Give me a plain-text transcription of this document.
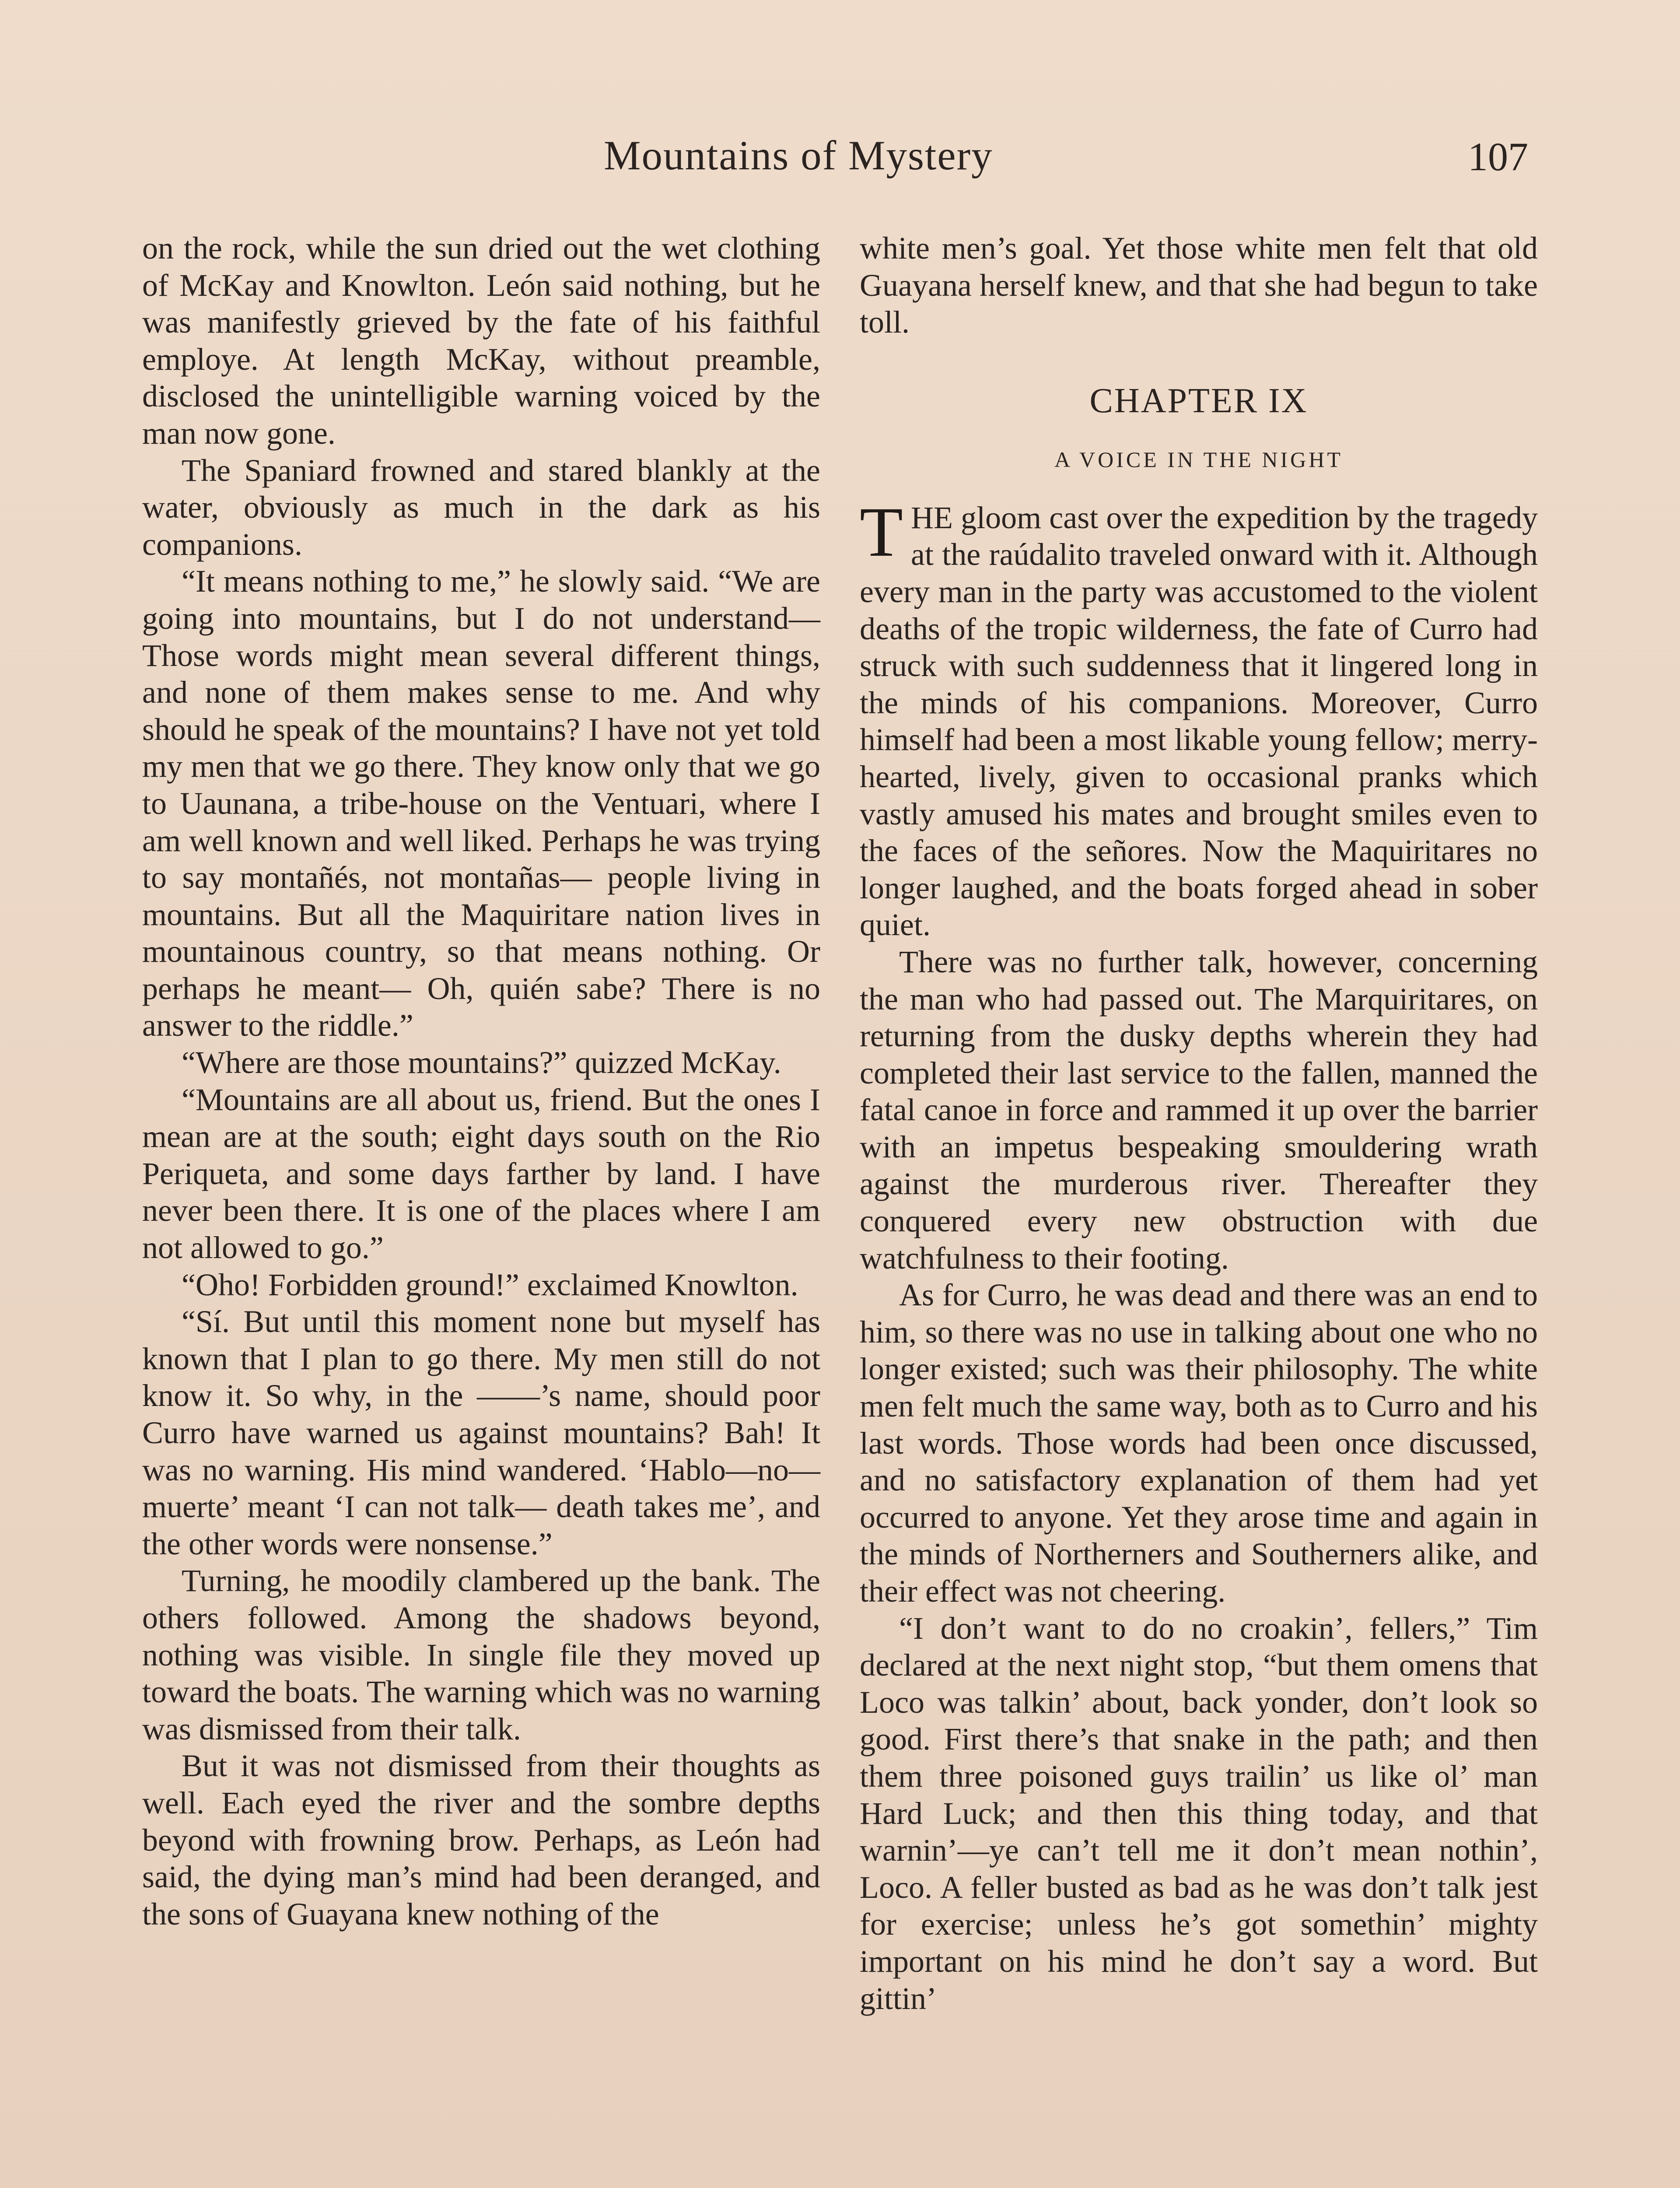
Mountains of Mystery	107

on the rock, while the sun dried out the wet clothing of McKay and Knowlton. León said nothing, but he was manifestly grieved by the fate of his faithful employe. At length McKay, without preamble, disclosed the unintelligible warning voiced by the man now gone.

The Spaniard frowned and stared blankly at the water, obviously as much in the dark as his companions.

“It means nothing to me,” he slowly said. “We are going into mountains, but I do not understand— Those words might mean several different things, and none of them makes sense to me. And why should he speak of the mountains? I have not yet told my men that we go there. They know only that we go to Uaunana, a tribe-house on the Ventuari, where I am well known and well liked. Perhaps he was trying to say montañés, not montañas— people living in mountains. But all the Maquiritare nation lives in mountainous country, so that means nothing. Or perhaps he meant— Oh, quién sabe? There is no answer to the riddle.”

“Where are those mountains?” quizzed McKay.

“Mountains are all about us, friend. But the ones I mean are at the south; eight days south on the Rio Periqueta, and some days farther by land. I have never been there. It is one of the places where I am not allowed to go.”

“Oho! Forbidden ground!” exclaimed Knowlton.

“Sí. But until this moment none but myself has known that I plan to go there. My men still do not know it. So why, in the ——’s name, should poor Curro have warned us against mountains? Bah! It was no warning. His mind wandered. ‘Hablo—no—muerte’ meant ‘I can not talk— death takes me’, and the other words were nonsense.”

Turning, he moodily clambered up the bank. The others followed. Among the shadows beyond, nothing was visible. In single file they moved up toward the boats. The warning which was no warning was dismissed from their talk.

But it was not dismissed from their thoughts as well. Each eyed the river and the sombre depths beyond with frowning brow. Perhaps, as León had said, the dying man’s mind had been deranged, and the sons of Guayana knew nothing of the

white men’s goal. Yet those white men felt that old Guayana herself knew, and that she had begun to take toll.

CHAPTER IX
A VOICE IN THE NIGHT

THE gloom cast over the expedition by the tragedy at the raúdalito traveled onward with it. Although every man in the party was accustomed to the violent deaths of the tropic wilderness, the fate of Curro had struck with such suddenness that it lingered long in the minds of his companions. Moreover, Curro himself had been a most likable young fellow; merry-hearted, lively, given to occasional pranks which vastly amused his mates and brought smiles even to the faces of the señores. Now the Maquiritares no longer laughed, and the boats forged ahead in sober quiet.

There was no further talk, however, concerning the man who had passed out. The Marquiritares, on returning from the dusky depths wherein they had completed their last service to the fallen, manned the fatal canoe in force and rammed it up over the barrier with an impetus bespeaking smouldering wrath against the murderous river. Thereafter they conquered every new obstruction with due watchfulness to their footing.

As for Curro, he was dead and there was an end to him, so there was no use in talking about one who no longer existed; such was their philosophy. The white men felt much the same way, both as to Curro and his last words. Those words had been once discussed, and no satisfactory explanation of them had yet occurred to anyone. Yet they arose time and again in the minds of Northerners and Southerners alike, and their effect was not cheering.

“I don’t want to do no croakin’, fellers,” Tim declared at the next night stop, “but them omens that Loco was talkin’ about, back yonder, don’t look so good. First there’s that snake in the path; and then them three poisoned guys trailin’ us like ol’ man Hard Luck; and then this thing today, and that warnin’—ye can’t tell me it don’t mean nothin’, Loco. A feller busted as bad as he was don’t talk jest for exercise; unless he’s got somethin’ mighty important on his mind he don’t say a word. But gittin’
